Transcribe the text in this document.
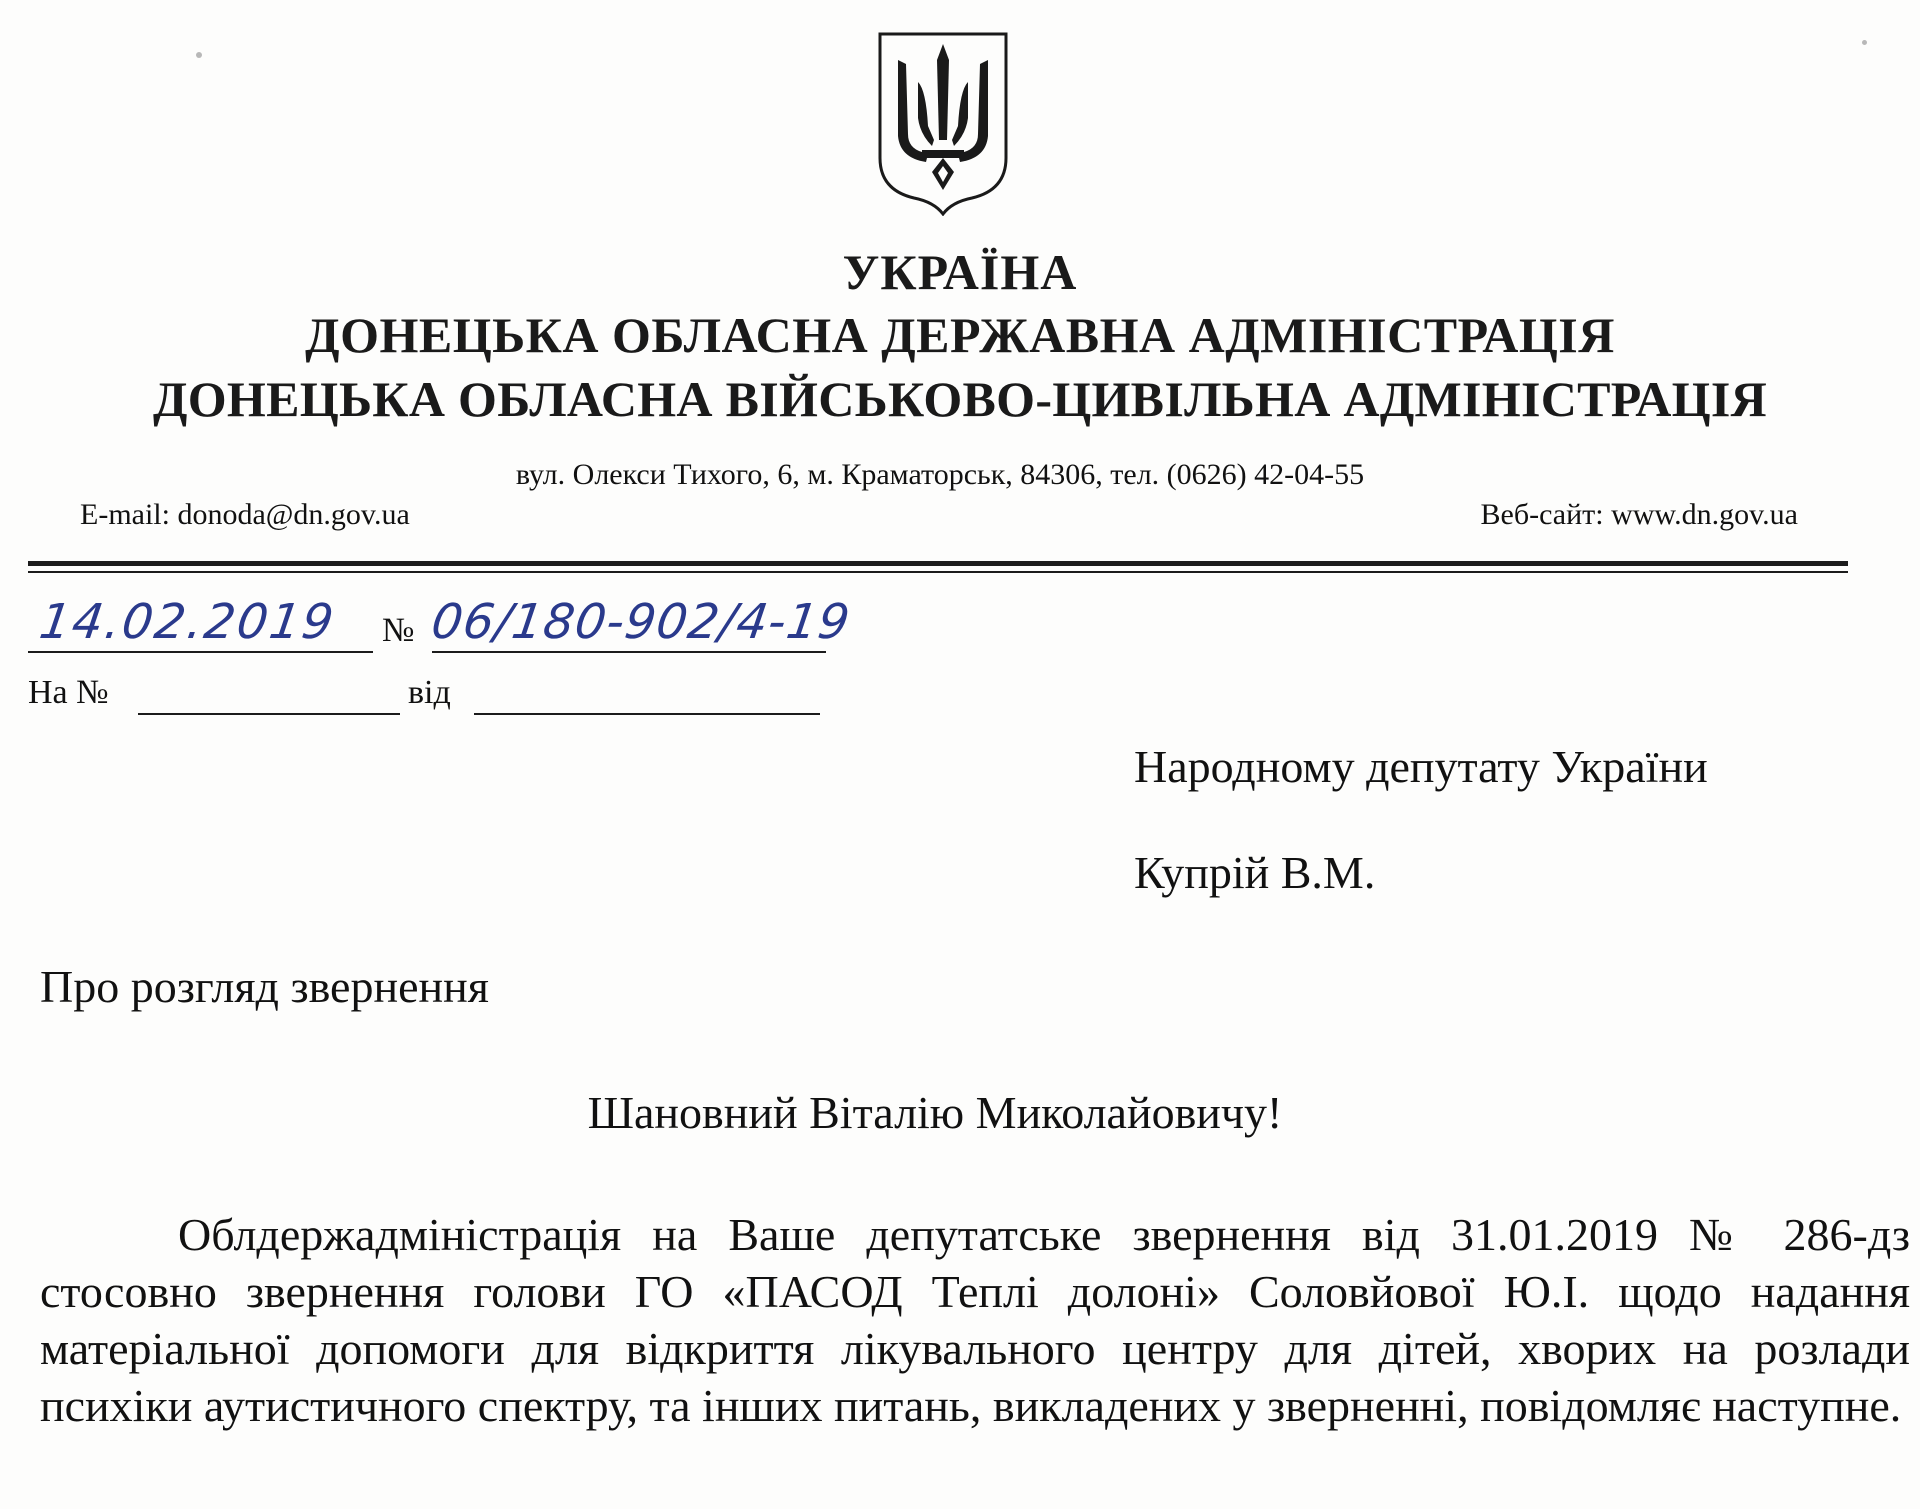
УКРАЇНА
ДОНЕЦЬКА ОБЛАСНА ДЕРЖАВНА АДМІНІСТРАЦІЯ
ДОНЕЦЬКА ОБЛАСНА ВІЙСЬКОВО-ЦИВІЛЬНА АДМІНІСТРАЦІЯ
вул. Олекси Тихого, 6, м. Краматорськ, 84306, тел. (0626) 42-04-55
E-mail: donoda@dn.gov.ua	Веб-сайт: www.dn.gov.ua
14.02.2019 № 06/180-902/4-19
На №	від
Народному депутату України
Купрій В.М.
Про розгляд звернення
Шановний Віталію Миколайовичу!

Облдержадміністрація на Ваше депутатське звернення від 31.01.2019 № 286-дз стосовно звернення голови ГО «ПАСОД Теплі долоні» Соловйової Ю.І. щодо надання матеріальної допомоги для відкриття лікувального центру для дітей, хворих на розлади психіки аутистичного спектру, та інших питань, викладених у зверненні, повідомляє наступне.
